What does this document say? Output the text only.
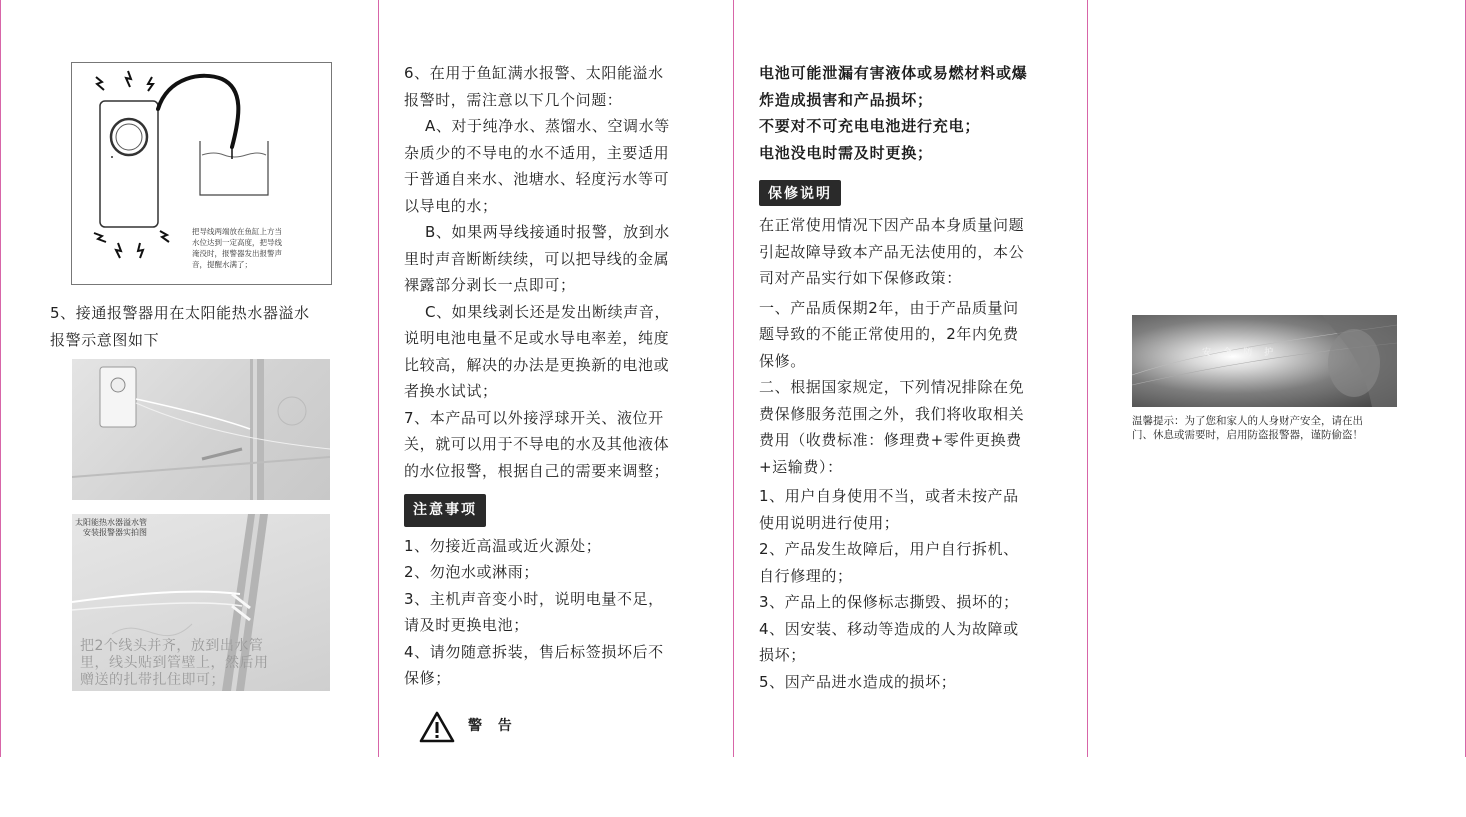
把导线两端放在鱼缸上方当
水位达到一定高度，把导线
淹没时，报警器发出报警声
音，提醒水满了；

5、接通报警器用在太阳能热水器溢水

报警示意图如下

太阳能热水器溢水管
安装报警器实拍图
把2个线头并齐，放到出水管
里，线头贴到管壁上，然后用
赠送的扎带扎住即可；

6、在用于鱼缸满水报警、太阳能溢水

报警时，需注意以下几个问题：

A、对于纯净水、蒸馏水、空调水等

杂质少的不导电的水不适用，主要适用

于普通自来水、池塘水、轻度污水等可

以导电的水；

B、如果两导线接通时报警，放到水

里时声音断断续续，可以把导线的金属

裸露部分剥长一点即可；

C、如果线剥长还是发出断续声音，

说明电池电量不足或水导电率差，纯度

比较高，解决的办法是更换新的电池或

者换水试试；

7、本产品可以外接浮球开关、液位开

关，就可以用于不导电的水及其他液体

的水位报警，根据自己的需要来调整；

注意事项

1、勿接近高温或近火源处；

2、勿泡水或淋雨；

3、主机声音变小时，说明电量不足，

请及时更换电池；

4、请勿随意拆装，售后标签损坏后不

保修；

警  告

电池可能泄漏有害液体或易燃材料或爆

炸造成损害和产品损坏；

不要对不可充电电池进行充电；

电池没电时需及时更换；

保修说明

在正常使用情况下因产品本身质量问题

引起故障导致本产品无法使用的，本公

司对产品实行如下保修政策：

一、产品质保期2年，由于产品质量问

题导致的不能正常使用的，2年内免费

保修。

二、根据国家规定，下列情况排除在免

费保修服务范围之外，我们将收取相关

费用（收费标准：修理费+零件更换费

+运输费）：

1、用户自身使用不当，或者未按产品

使用说明进行使用；

2、产品发生故障后，用户自行拆机、

自行修理的；

3、产品上的保修标志撕毁、损坏的；

4、因安装、移动等造成的人为故障或

损坏；

5、因产品进水造成的损坏；

安  全  防  护
温馨提示：为了您和家人的人身财产安全，请在出
门、休息或需要时，启用防盗报警器，谨防偷盗！
